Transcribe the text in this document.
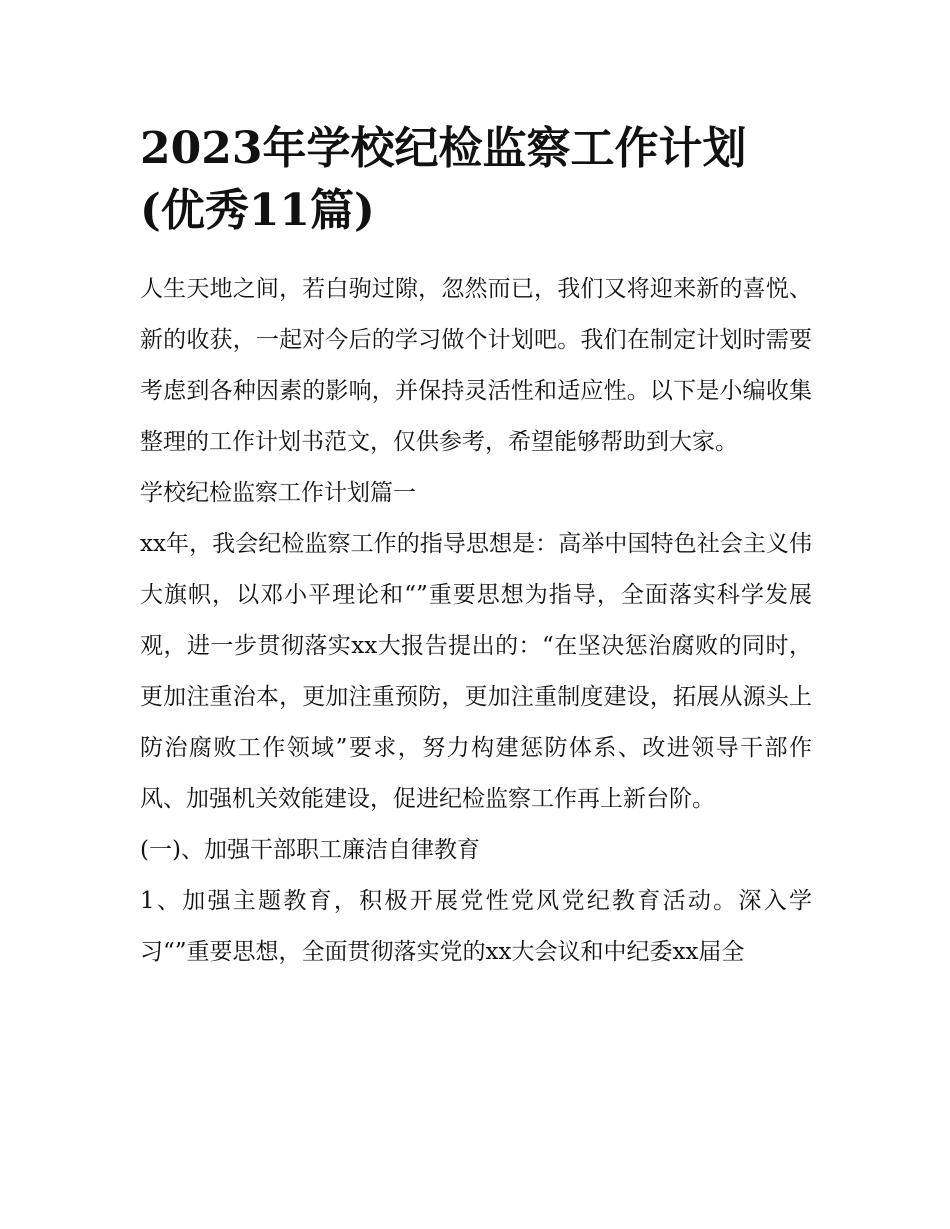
2023年学校纪检监察工作计划
(优秀11篇)

人生天地之间，若白驹过隙，忽然而已，我们又将迎来新的喜悦、新的收获，一起对今后的学习做个计划吧。我们在制定计划时需要考虑到各种因素的影响，并保持灵活性和适应性。以下是小编收集整理的工作计划书范文，仅供参考，希望能够帮助到大家。

学校纪检监察工作计划篇一

xx年，我会纪检监察工作的指导思想是：高举中国特色社会主义伟大旗帜，以邓小平理论和“”重要思想为指导，全面落实科学发展观，进一步贯彻落实xx大报告提出的：“在坚决惩治腐败的同时，更加注重治本，更加注重预防，更加注重制度建设，拓展从源头上防治腐败工作领域”要求，努力构建惩防体系、改进领导干部作风、加强机关效能建设，促进纪检监察工作再上新台阶。

(一)、加强干部职工廉洁自律教育

1、加强主题教育，积极开展党性党风党纪教育活动。深入学习“”重要思想，全面贯彻落实党的xx大会议和中纪委xx届全
